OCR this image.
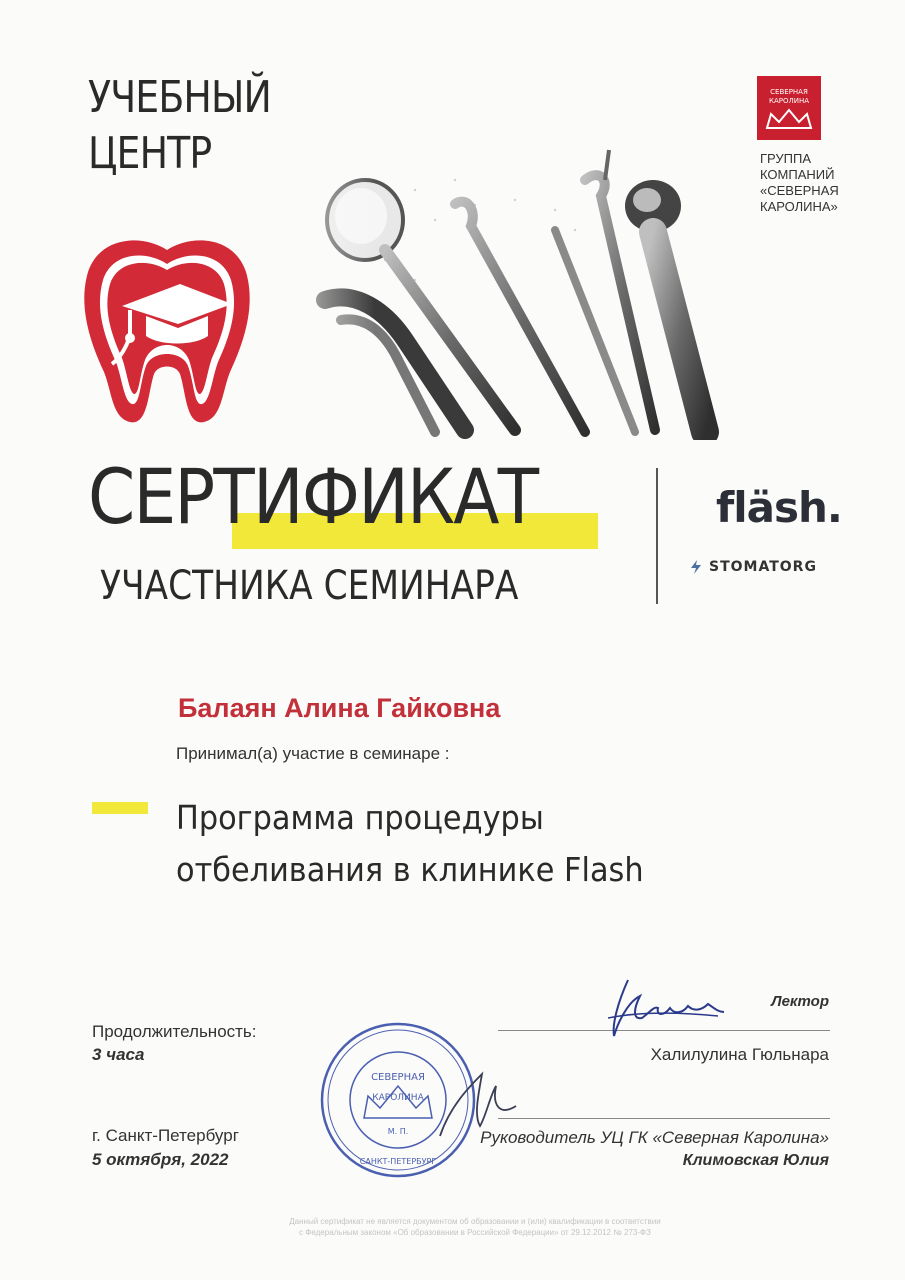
УЧЕБНЫЙ
ЦЕНТР
СЕВЕРНАЯ
КАРОЛИНА
ГРУППА
КОМПАНИЙ
«СЕВЕРНАЯ
КАРОЛИНА»
СЕРТИФИКАТ
УЧАСТНИКА СЕМИНАРА
fläsh.
STOMATORG
Балаян Алина Гайковна
Принимал(а) участие в семинаре :
Программа процедуры
отбеливания в клинике Flash
Продолжительность:
3 часа
г. Санкт-Петербург
5 октября, 2022
Лектор
Халилулина Гюльнара
Руководитель УЦ ГК «Северная Каролина»
Климовская Юлия
СЕВЕРНАЯ
КАРОЛИНА
М. П.
САНКТ-ПЕТЕРБУРГ
Данный сертификат не является документом об образовании и (или) квалификации в соответствии
с Федеральным законом «Об образовании в Российской Федерации» от 29.12.2012 № 273-ФЗ
